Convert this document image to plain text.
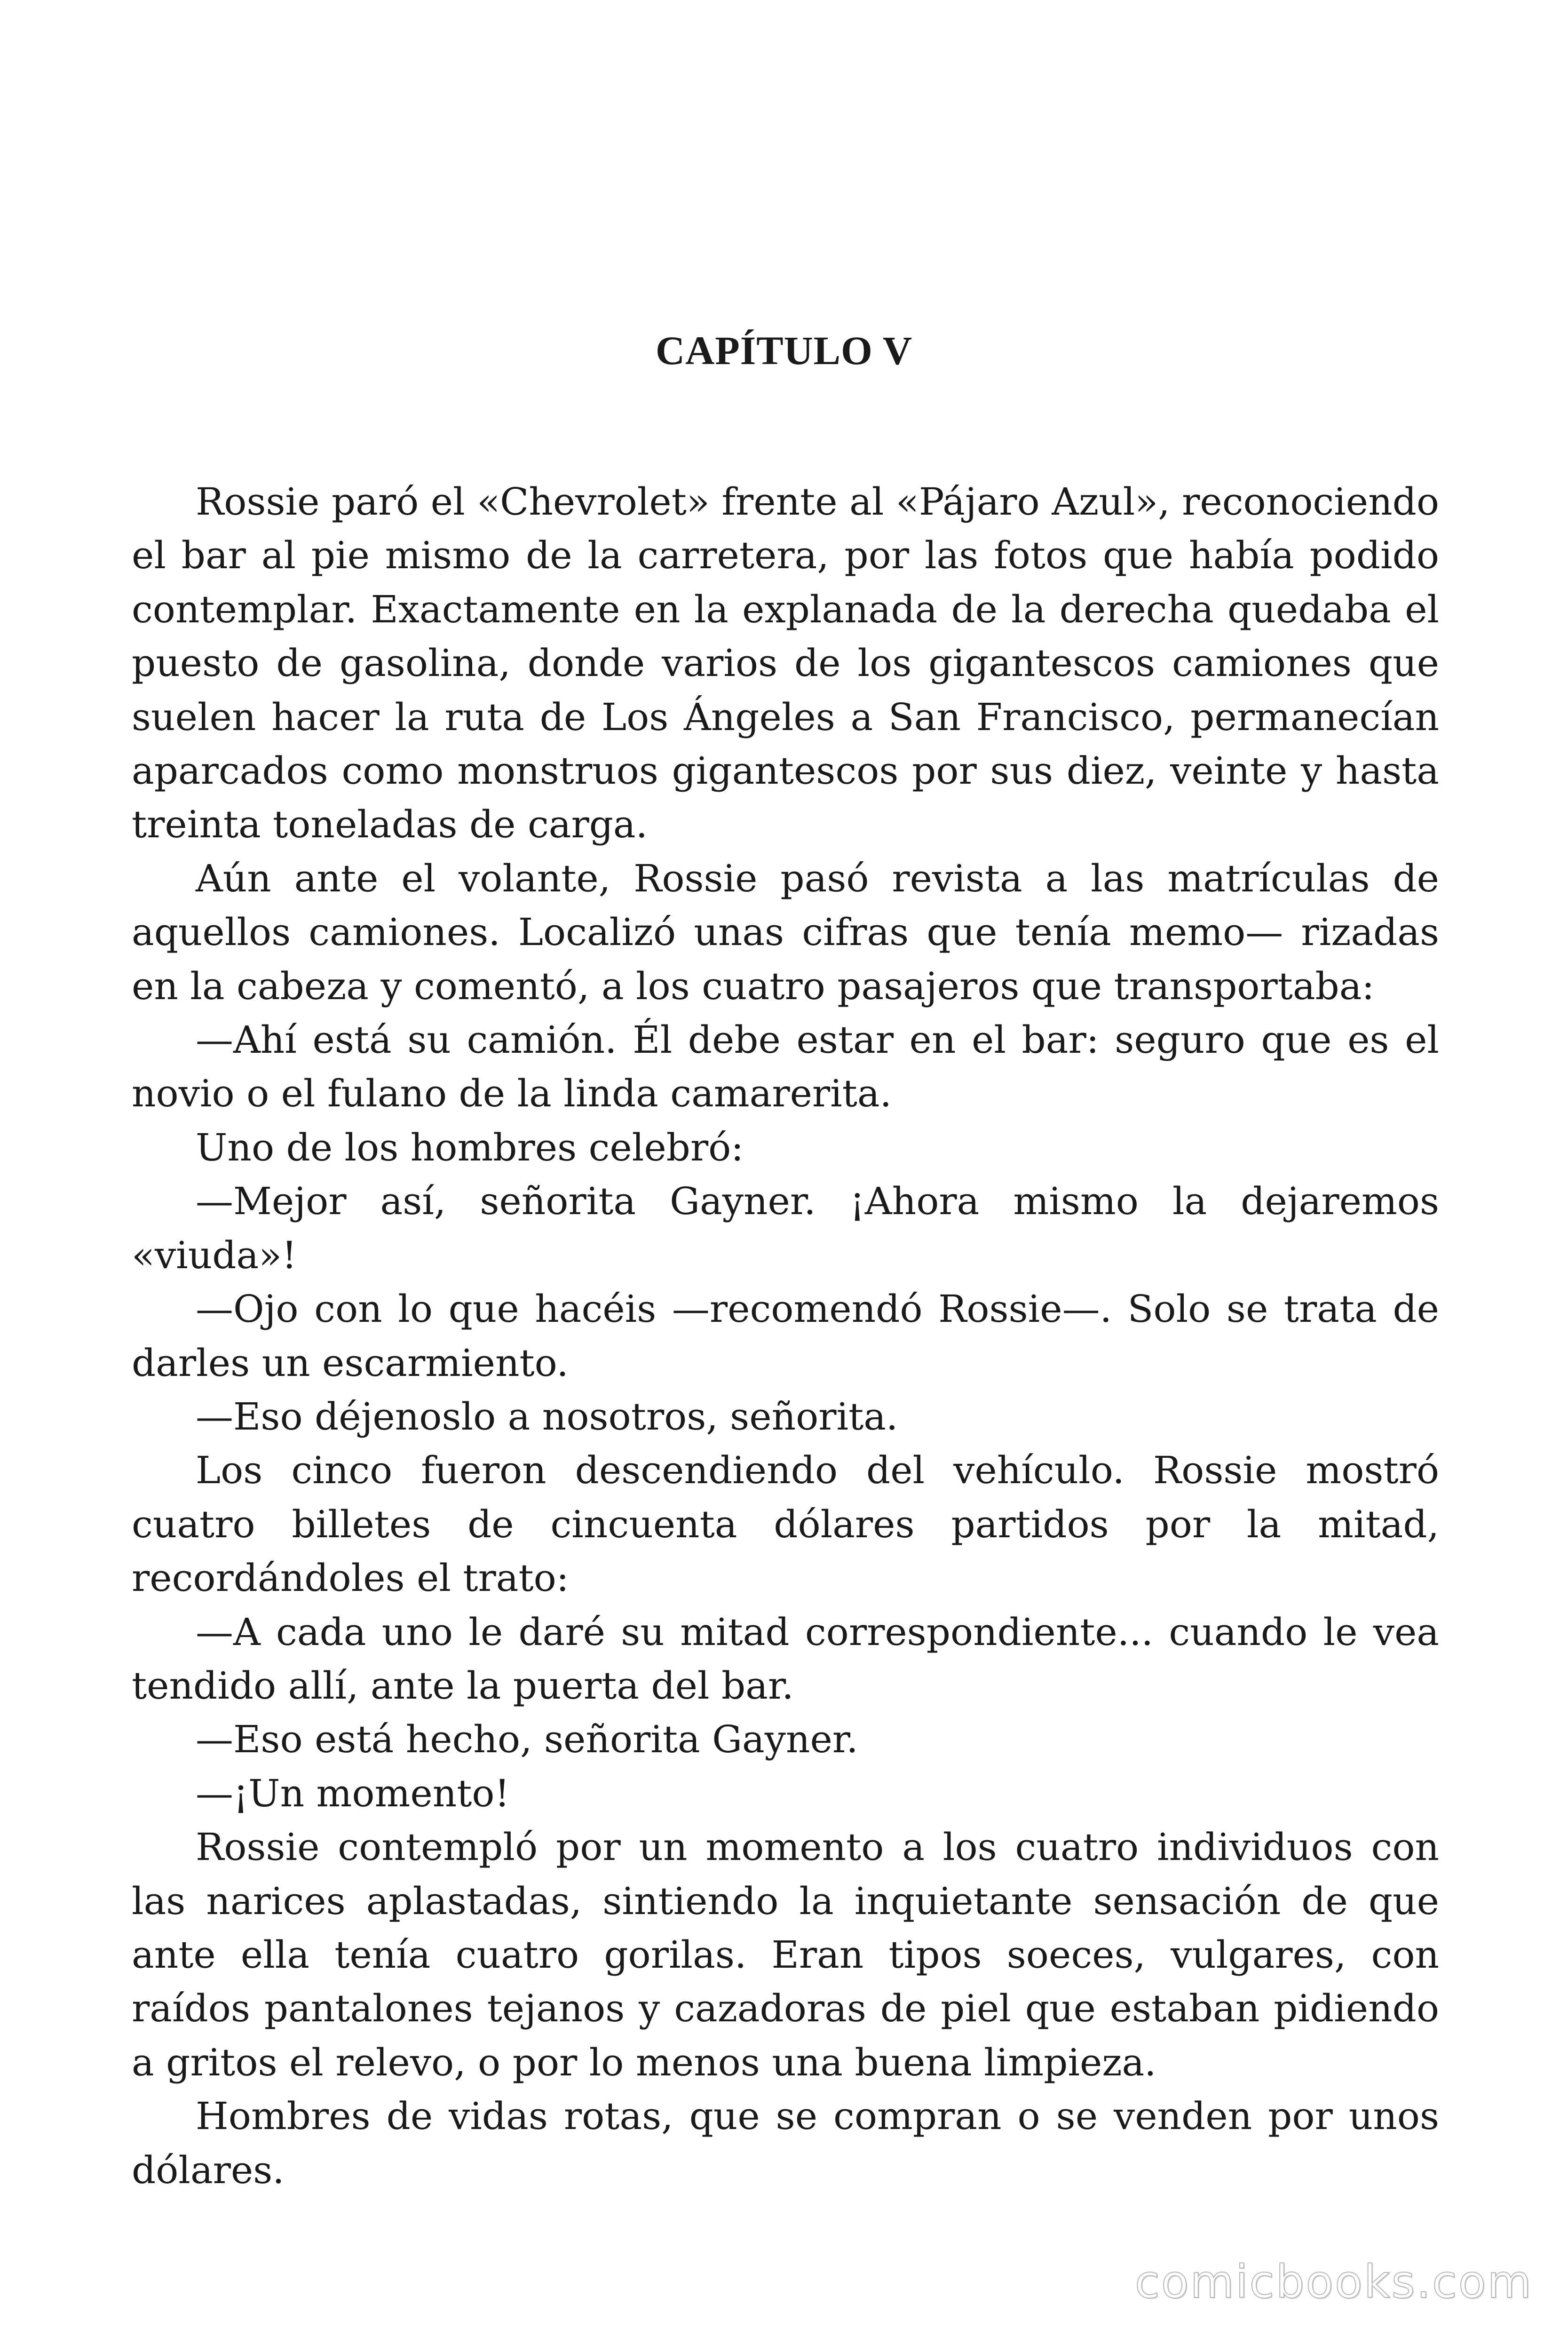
CAPÍTULO V

Rossie paró el «Chevrolet» frente al «Pájaro Azul», reconociendo el bar al pie mismo de la carretera, por las fotos que había podido contemplar. Exactamente en la explanada de la derecha quedaba el puesto de gasolina, donde varios de los gigantescos camiones que suelen hacer la ruta de Los Ángeles a San Francisco, permanecían aparcados como monstruos gigantescos por sus diez, veinte y hasta treinta toneladas de carga.

Aún ante el volante, Rossie pasó revista a las matrículas de aquellos camiones. Localizó unas cifras que tenía memo— rizadas en la cabeza y comentó, a los cuatro pasajeros que transportaba:

—Ahí está su camión. Él debe estar en el bar: seguro que es el novio o el fulano de la linda camarerita.

Uno de los hombres celebró:

—Mejor así, señorita Gayner. ¡Ahora mismo la dejaremos «viuda»!

—Ojo con lo que hacéis —recomendó Rossie—. Solo se trata de darles un escarmiento.

—Eso déjenoslo a nosotros, señorita.

Los cinco fueron descendiendo del vehículo. Rossie mostró cuatro billetes de cincuenta dólares partidos por la mitad, recordándoles el trato:

—A cada uno le daré su mitad correspondiente... cuando le vea tendido allí, ante la puerta del bar.

—Eso está hecho, señorita Gayner.

—¡Un momento!

Rossie contempló por un momento a los cuatro individuos con las narices aplastadas, sintiendo la inquietante sensación de que ante ella tenía cuatro gorilas. Eran tipos soeces, vulgares, con raídos pantalones tejanos y cazadoras de piel que estaban pidiendo a gritos el relevo, o por lo menos una buena limpieza.

Hombres de vidas rotas, que se compran o se venden por unos dólares.

comicbooks.com
